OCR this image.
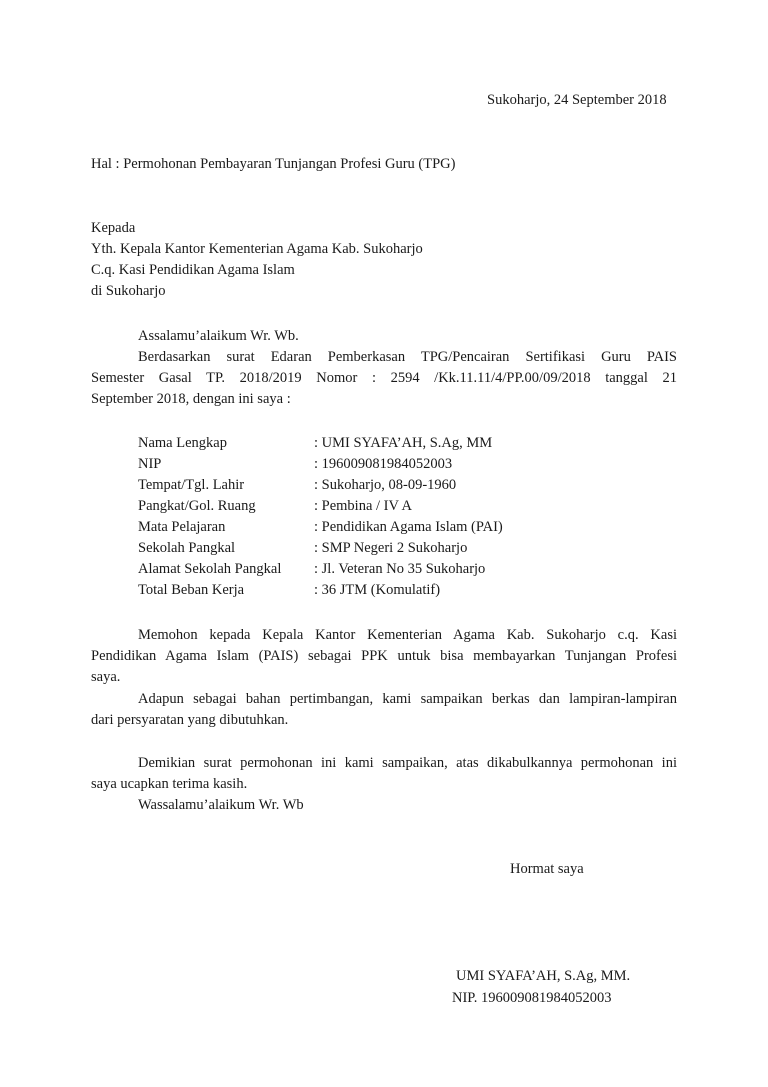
Sukoharjo, 24 September 2018
Hal : Permohonan Pembayaran Tunjangan Profesi Guru (TPG)
Kepada
Yth. Kepala Kantor Kementerian Agama Kab. Sukoharjo
C.q. Kasi Pendidikan Agama Islam
di Sukoharjo
Assalamu’alaikum Wr. Wb.
Berdasarkan surat Edaran Pemberkasan TPG/Pencairan Sertifikasi Guru PAIS
Semester Gasal TP. 2018/2019 Nomor : 2594 /Kk.11.11/4/PP.00/09/2018 tanggal 21
September 2018, dengan ini saya :
Nama Lengkap	: UMI SYAFA’AH, S.Ag, MM
NIP	: 196009081984052003
Tempat/Tgl. Lahir	: Sukoharjo, 08-09-1960
Pangkat/Gol. Ruang	: Pembina / IV A
Mata Pelajaran	: Pendidikan Agama Islam (PAI)
Sekolah Pangkal	: SMP Negeri 2 Sukoharjo
Alamat Sekolah Pangkal : Jl. Veteran No 35 Sukoharjo
Total Beban Kerja	: 36 JTM (Komulatif)
Memohon kepada Kepala Kantor Kementerian Agama Kab. Sukoharjo c.q. Kasi
Pendidikan Agama Islam (PAIS) sebagai PPK untuk bisa membayarkan Tunjangan Profesi
saya.
Adapun sebagai bahan pertimbangan, kami sampaikan berkas dan lampiran-lampiran
dari persyaratan yang dibutuhkan.
Demikian surat permohonan ini kami sampaikan, atas dikabulkannya permohonan ini
saya ucapkan terima kasih.
Wassalamu’alaikum Wr. Wb
Hormat saya
UMI SYAFA’AH, S.Ag, MM.
NIP. 196009081984052003
